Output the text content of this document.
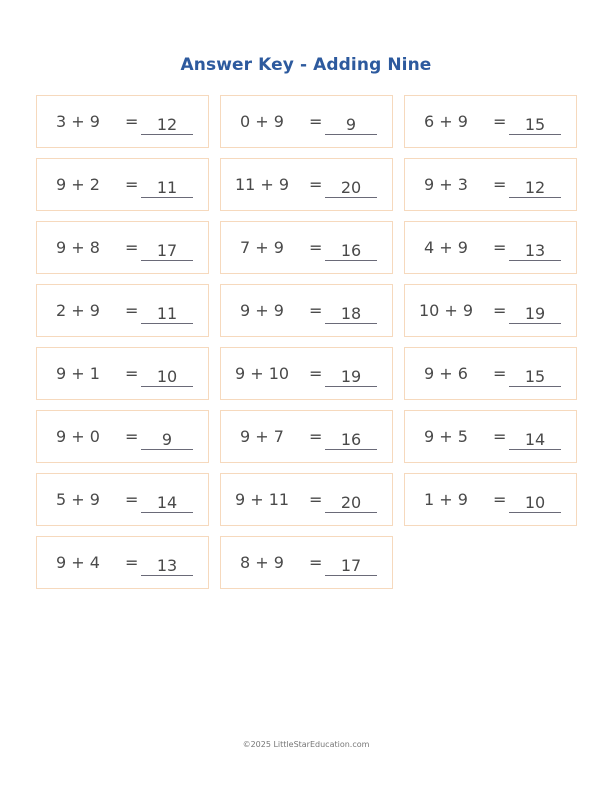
Answer Key - Adding Nine
3 + 9	=	12	0 + 9	=	9	6 + 9	=	15
9 + 2	=	11	11 + 9	=	20	9 + 3	=	12
9 + 8	=	17	7 + 9	=	16	4 + 9	=	13
2 + 9	=	11	9 + 9	=	18	10 + 9	=	19
9 + 1	=	10	9 + 10	=	19	9 + 6	=	15
9 + 0	=	9	9 + 7	=	16	9 + 5	=	14
5 + 9	=	14	9 + 11	=	20	1 + 9	=	10
9 + 4	=	13	8 + 9	=	17
©2025 LittleStarEducation.com
